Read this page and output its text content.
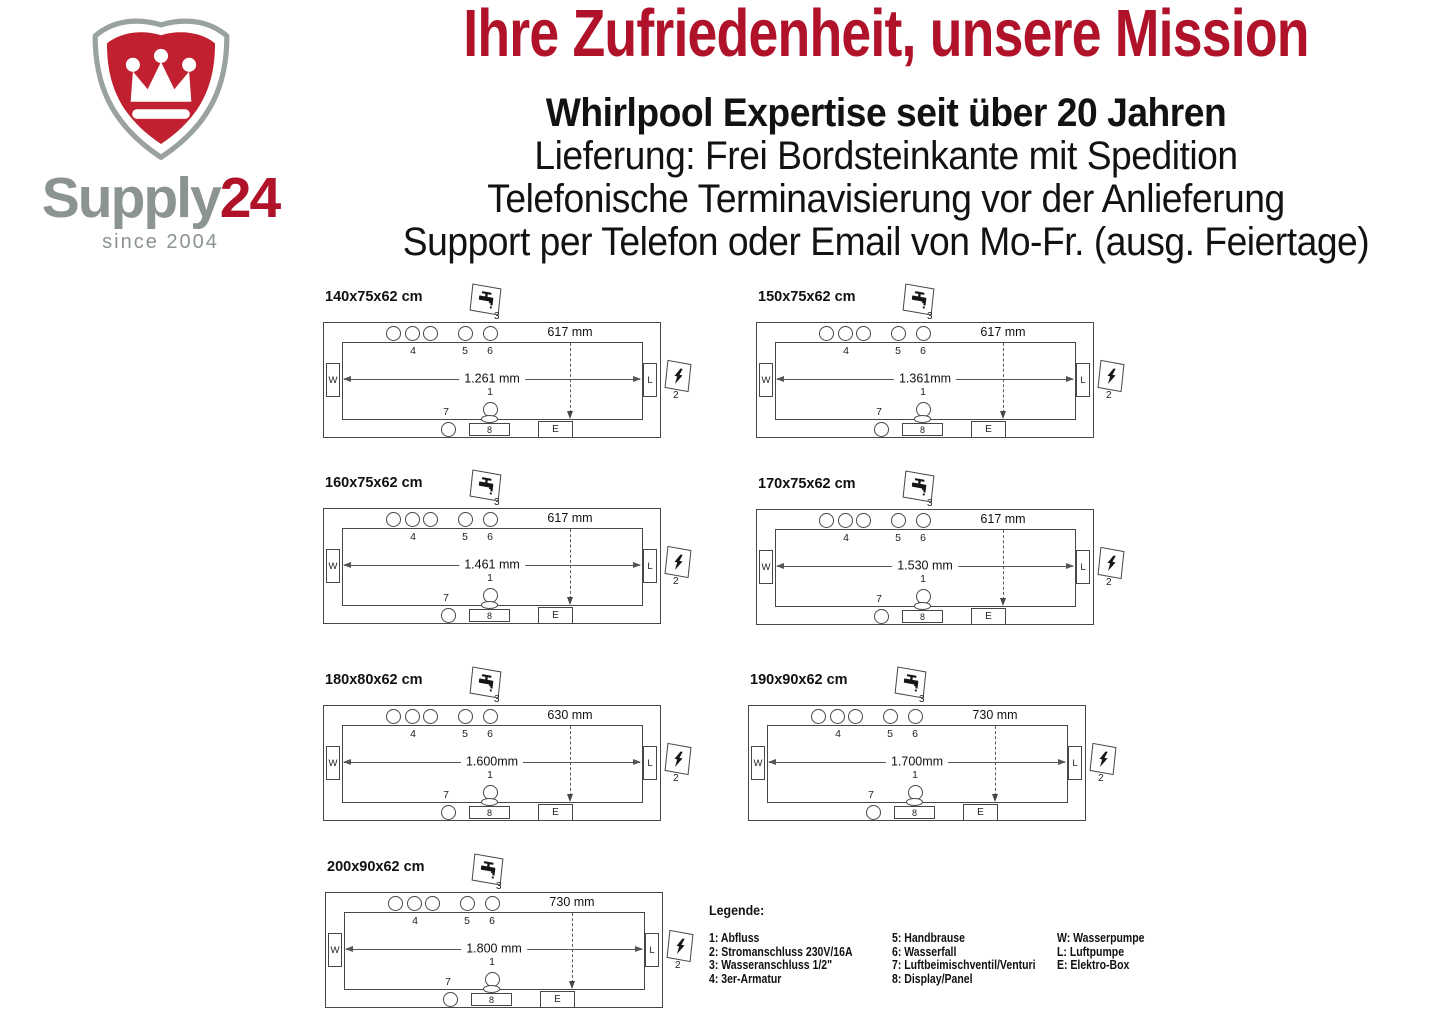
Supply24
since 2004
Ihre Zufriedenheit, unsere Mission
Whirlpool Expertise seit über 20 Jahren
Lieferung: Frei Bordsteinkante mit Spedition
Telefonische Terminavisierung vor der Anlieferung
Support per Telefon oder Email von Mo-Fr. (ausg. Feiertage)
Legende:
1: Abfluss
2: Stromanschluss 230V/16A
3: Wasseranschluss 1/2"
4: 3er-Armatur
5: Handbrause
6: Wasserfall
7: Luftbeimischventil/Venturi
8: Display/Panel
W: Wasserpumpe
L: Luftpumpe
E: Elektro-Box
140x75x62 cm
3
4	5 6
617 mm
1.261 mm
W	L
1
7
8	E
2
150x75x62 cm
3
4	5 6
617 mm
1.361mm
W	L
1
7
8	E
2
160x75x62 cm
3
4	5 6
617 mm
1.461 mm
W	L
1
7
8	E
2
170x75x62 cm
3
4	5 6
617 mm
1.530 mm
W	L
1
7
8	E
2
180x80x62 cm
3
4	5 6
630 mm
1.600mm
W	L
1
7
8	E
2
190x90x62 cm
3
4	5 6
730 mm
1.700mm
W	L
1
7
8	E
2
200x90x62 cm
3
4	5 6
730 mm
1.800 mm
W	L
1
7
8	E
2
